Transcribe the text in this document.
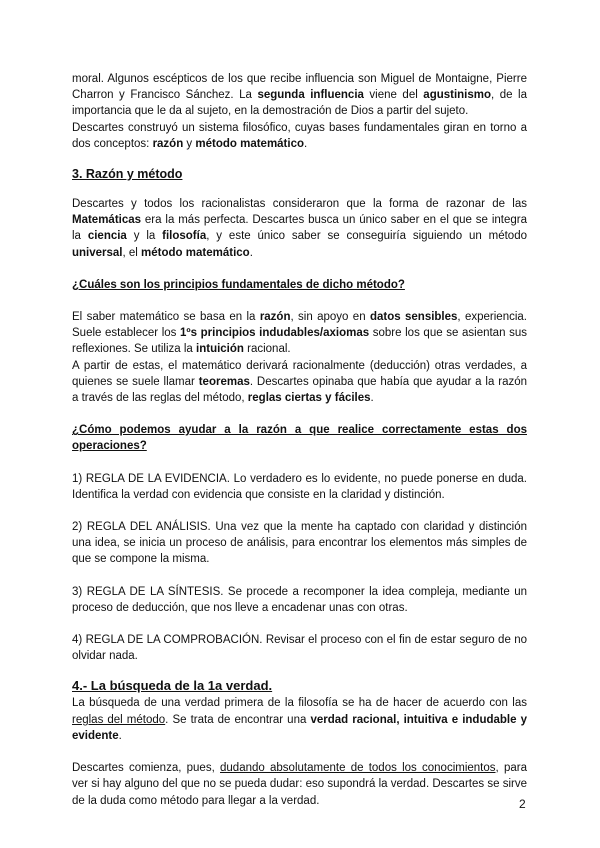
moral. Algunos escépticos de los que recibe influencia son Miguel de Montaigne, Pierre Charron y Francisco Sánchez. La segunda influencia viene del agustinismo, de la importancia que le da al sujeto, en la demostración de Dios a partir del sujeto.

Descartes construyó un sistema filosófico, cuyas bases fundamentales giran en torno a dos conceptos: razón y método matemático.

3. Razón y método

Descartes y todos los racionalistas consideraron que la forma de razonar de las Matemáticas era la más perfecta. Descartes busca un único saber en el que se integra la ciencia y la filosofía, y este único saber se conseguiría siguiendo un método universal, el método matemático.

¿Cuáles son los principios fundamentales de dicho método?

El saber matemático se basa en la razón, sin apoyo en datos sensibles, experiencia. Suele establecer los 1ºs principios indudables/axiomas sobre los que se asientan sus reflexiones. Se utiliza la intuición racional.

A partir de estas, el matemático derivará racionalmente (deducción) otras verdades, a quienes se suele llamar teoremas. Descartes opinaba que había que ayudar a la razón a través de las reglas del método, reglas ciertas y fáciles.

¿Cómo podemos ayudar a la razón a que realice correctamente estas dos operaciones?

1) REGLA DE LA EVIDENCIA. Lo verdadero es lo evidente, no puede ponerse en duda. Identifica la verdad con evidencia que consiste en la claridad y distinción.

2) REGLA DEL ANÁLISIS. Una vez que la mente ha captado con claridad y distinción una idea, se inicia un proceso de análisis, para encontrar los elementos más simples de que se compone la misma.

3) REGLA DE LA SÍNTESIS. Se procede a recomponer la idea compleja, mediante un proceso de deducción, que nos lleve a encadenar unas con otras.

4) REGLA DE LA COMPROBACIÓN. Revisar el proceso con el fin de estar seguro de no olvidar nada.

4.- La búsqueda de la 1a verdad.

La búsqueda de una verdad primera de la filosofía se ha de hacer de acuerdo con las reglas del método. Se trata de encontrar una verdad racional, intuitiva e indudable y evidente.

Descartes comienza, pues, dudando absolutamente de todos los conocimientos, para ver si hay alguno del que no se pueda dudar: eso supondrá la verdad. Descartes se sirve de la duda como método para llegar a la verdad.	2
